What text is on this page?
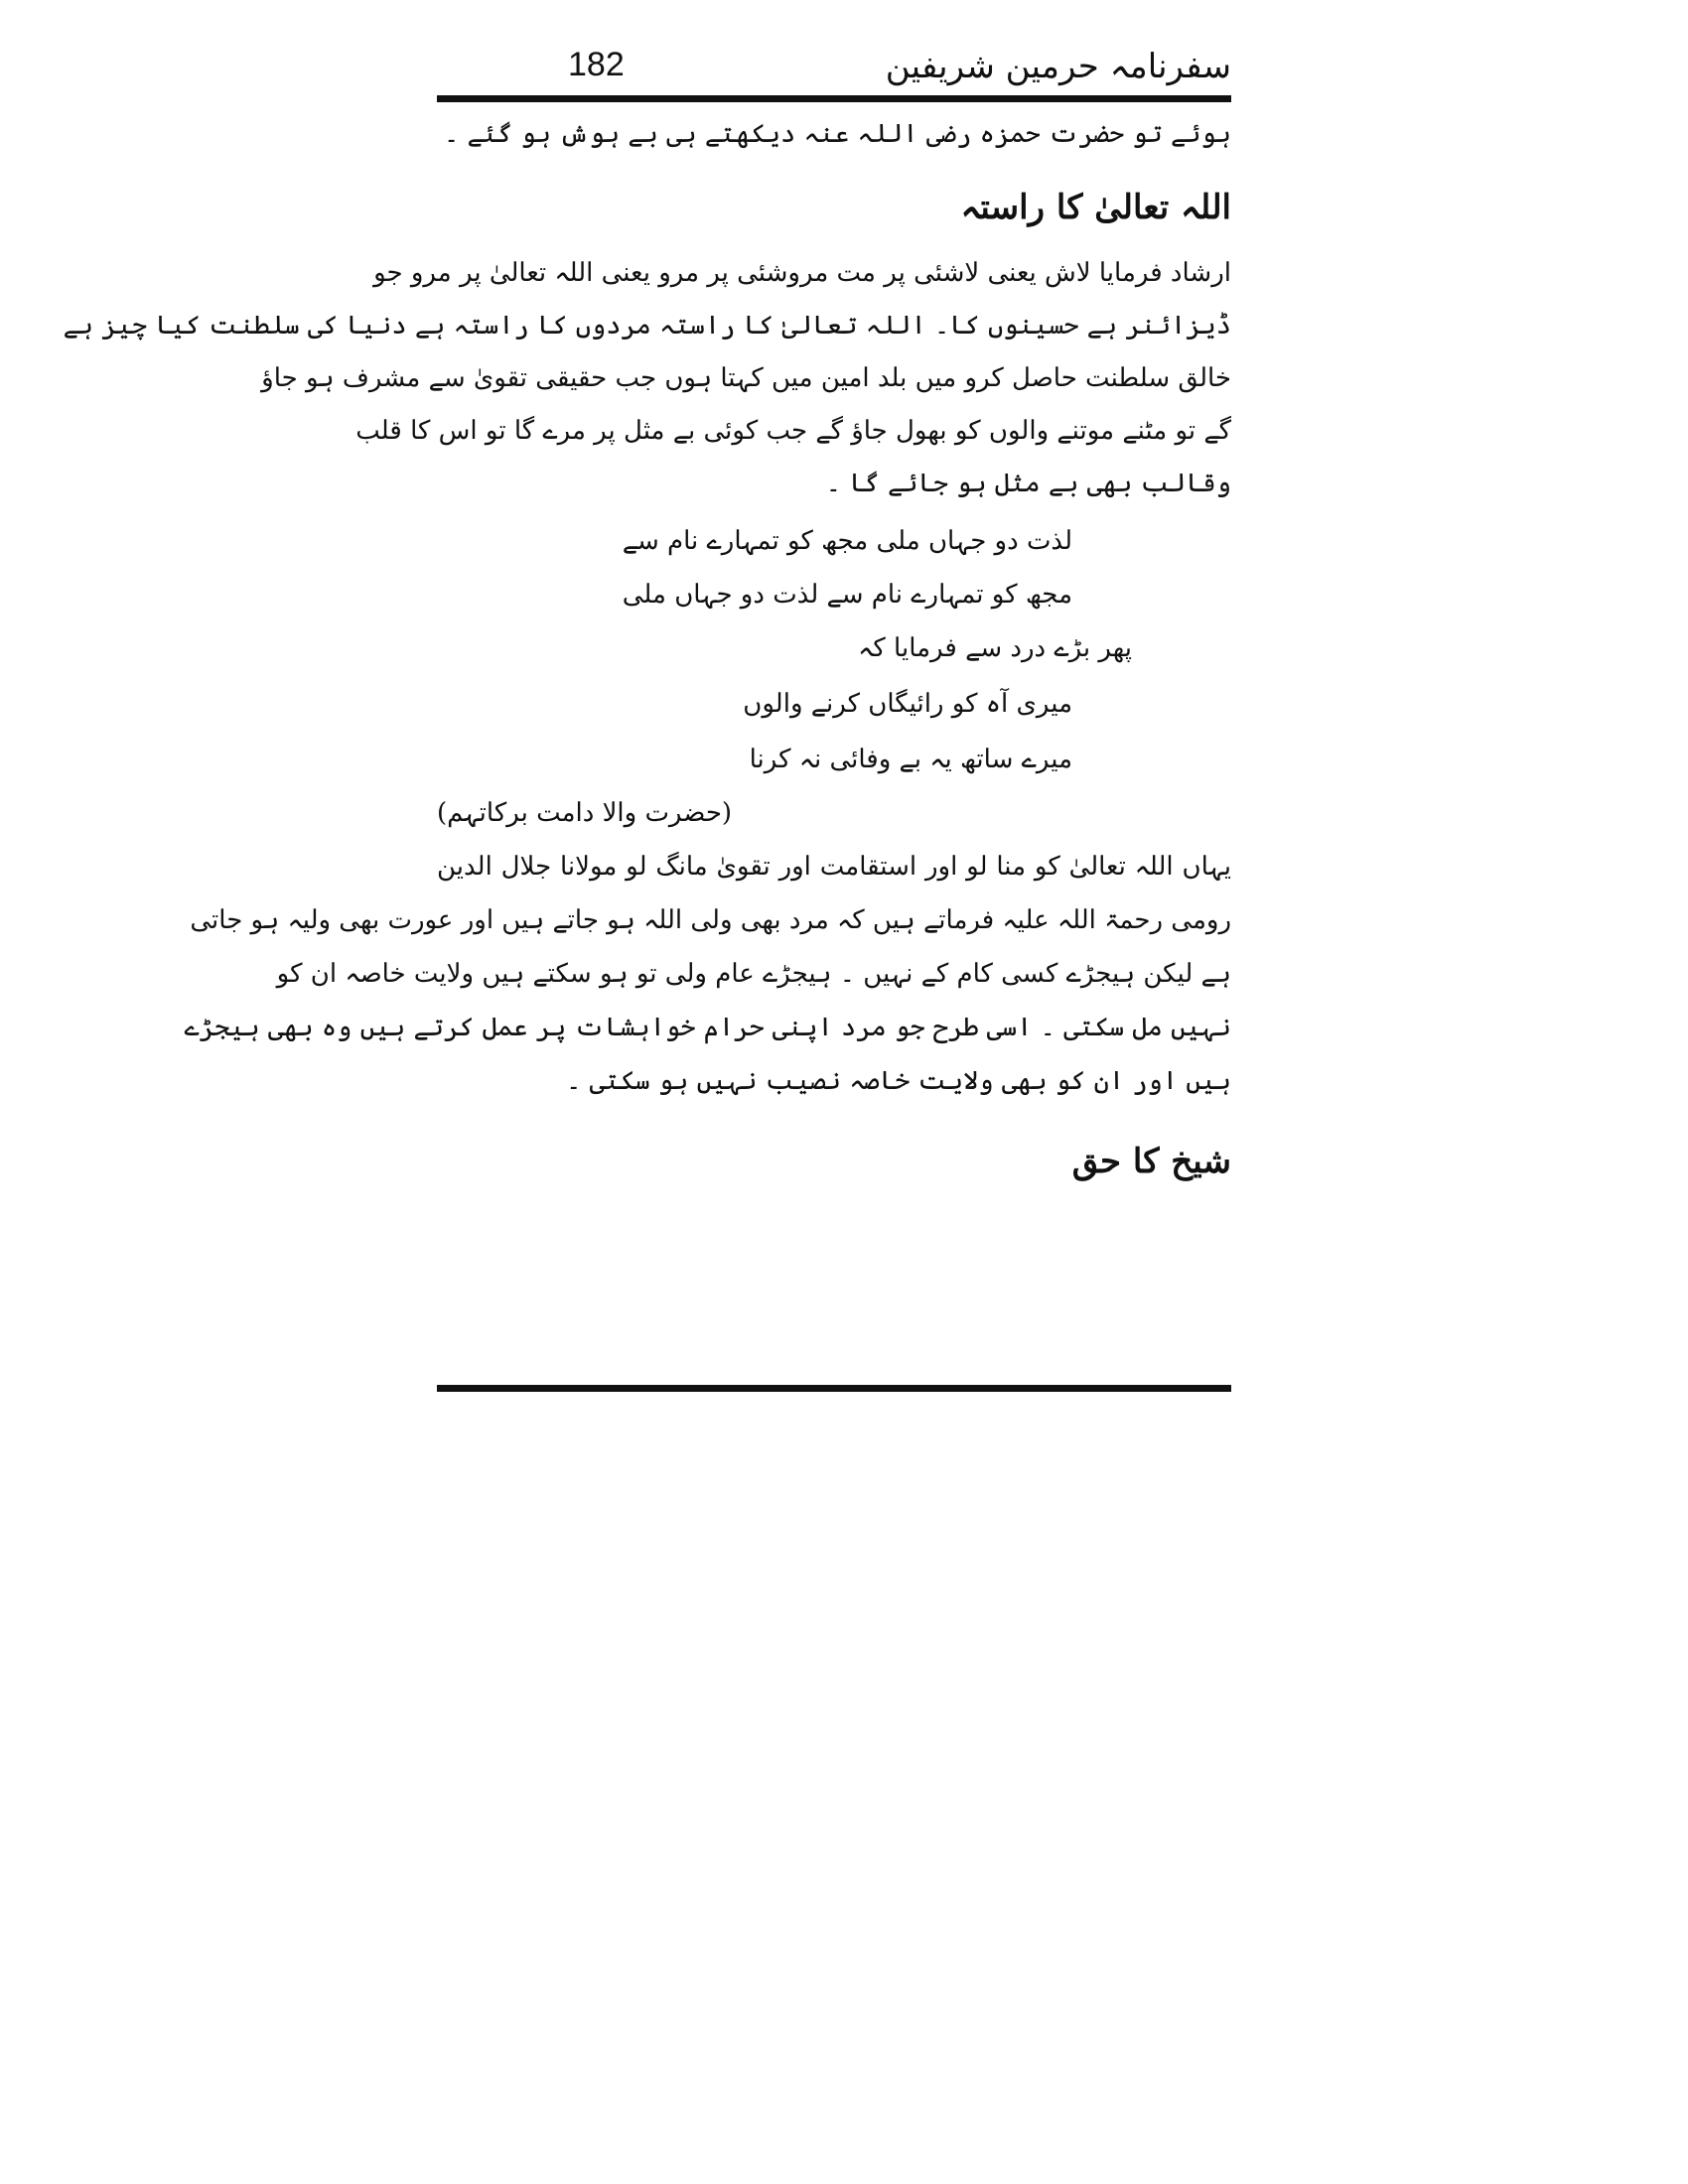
سفرنامہ حرمین شریفین
182
ہوئے تو حضرت حمزہ رضی اللہ عنہ دیکھتے ہی بے ہوش ہو گئے ۔
اللہ تعالیٰ کا راستہ
ارشاد فرمایا لاش یعنی لاشئی پر مت مروشئی پر مرو یعنی اللہ تعالیٰ پر مرو جو
ڈیزائنر ہے حسینوں کا۔ اللہ تعالیٰ کا راستہ مردوں کا راستہ ہے دنیا کی سلطنت کیا چیز ہے
خالق سلطنت حاصل کرو میں بلد امین میں کہتا ہوں جب حقیقی تقویٰ سے مشرف ہو جاؤ
گے تو مٹنے موتنے والوں کو بھول جاؤ گے جب کوئی بے مثل پر مرے گا تو اس کا قلب
وقالب بھی بے مثل ہو جائے گا ۔
لذت دو جہاں ملی مجھ کو تمہارے نام سے
مجھ کو تمہارے نام سے لذت دو جہاں ملی
پھر بڑے درد سے فرمایا کہ
میری آہ کو رائیگاں کرنے والوں
میرے ساتھ یہ بے وفائی نہ کرنا
(حضرت والا دامت برکاتہم)
یہاں اللہ تعالیٰ کو منا لو اور استقامت اور تقویٰ مانگ لو مولانا جلال الدین
رومی رحمۃ اللہ علیہ فرماتے ہیں کہ مرد بھی ولی اللہ ہو جاتے ہیں اور عورت بھی ولیہ ہو جاتی
ہے لیکن ہیجڑے کسی کام کے نہیں ۔ ہیجڑے عام ولی تو ہو سکتے ہیں ولایت خاصہ ان کو
نہیں مل سکتی ۔ اسی طرح جو مرد اپنی حرام خواہشات پر عمل کرتے ہیں وہ بھی ہیجڑے
ہیں اور ان کو بھی ولایت خاصہ نصیب نہیں ہو سکتی ۔
شیخ کا حق
